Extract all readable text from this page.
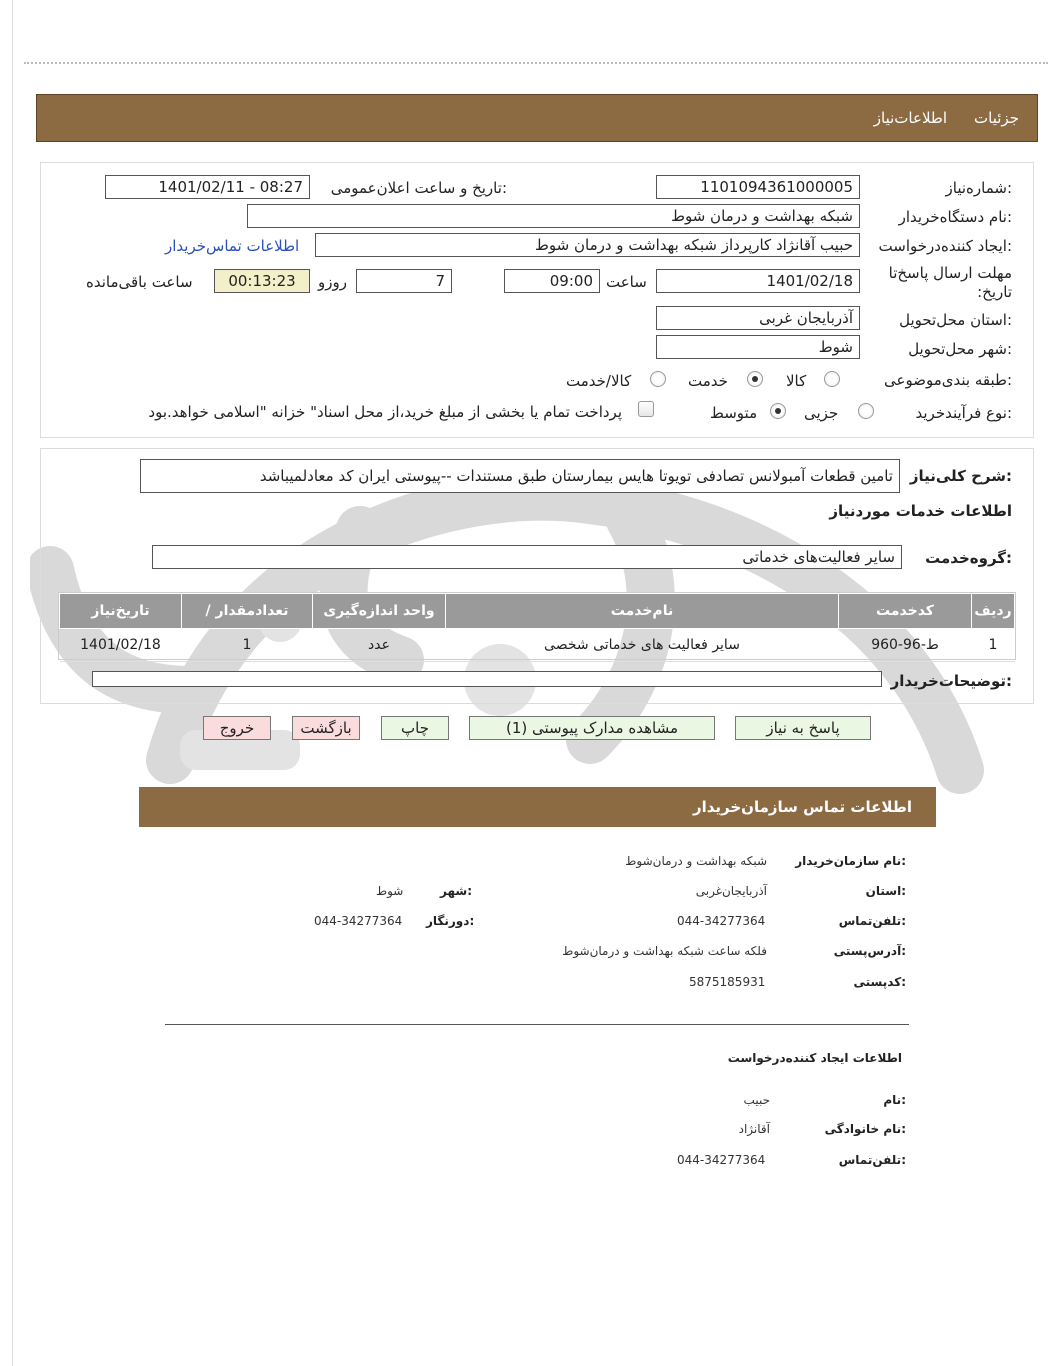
جزئیات
اطلاعات‌نیاز
شماره‌نیاز:
1101094361000005
تاریخ و ساعت اعلان‌عمومی:
1401/02/11 - 08:27
نام دستگاه‌خریدار:
شبکه بهداشت و درمان شوط
ایجاد کننده‌درخواست:
حبیب آقانژاد کارپرداز شبکه بهداشت و درمان شوط
اطلاعات تماس‌خریدار
مهلت ارسال پاسخ‌تا تاریخ:
1401/02/18
ساعت
09:00
7
روزو
00:13:23
ساعت باقی‌مانده
استان محل‌تحویل:
آذربایجان غربی
شهر محل‌تحویل:
شوط
طبقه بندی‌موضوعی:
کالا
خدمت
کالا/خدمت
نوع فرآیند‌خرید:
جزیی
متوسط
پرداخت تمام یا بخشی از مبلغ خرید،از محل اسناد" خزانه "اسلامی خواهد.بود
شرح کلی‌نیاز:
تامین قطعات آمبولانس تصادفی تویوتا هایس بیمارستان طبق مستندات --پیوستی ایران کد معادلمیباشد
اطلاعات خدمات موردنیاز
گروه‌خدمت:
سایر فعالیت‌های خدماتی
ردیف	کدخدمت	نام‌خدمت	واحد اندازه‌گیری	تعدادمقدار /	تاریخ‌نیاز
1	ط-96-960	سایر فعالیت های خدماتی شخصی	عدد	1	1401/02/18
توضیحات‌خریدار:
پاسخ به نیاز
مشاهده مدارک پیوستی (1)
چاپ
بازگشت
خروج
اطلاعات تماس سازمان‌خریدار
نام سازمان‌خریدار:
شبکه بهداشت و درمان‌شوط
استان:
آذربایجان‌غربی
شهر:
شوط
تلفن‌تماس:
044-34277364
دورنگار:
044-34277364
آدرس‌پستی:
فلکه ساعت شبکه بهداشت و درمان‌شوط
کدپستی:
5875185931
اطلاعات ایجاد کننده‌درخواست
نام:
حبیب
نام خانوادگی:
آقانژاد
تلفن‌تماس:
044-34277364
